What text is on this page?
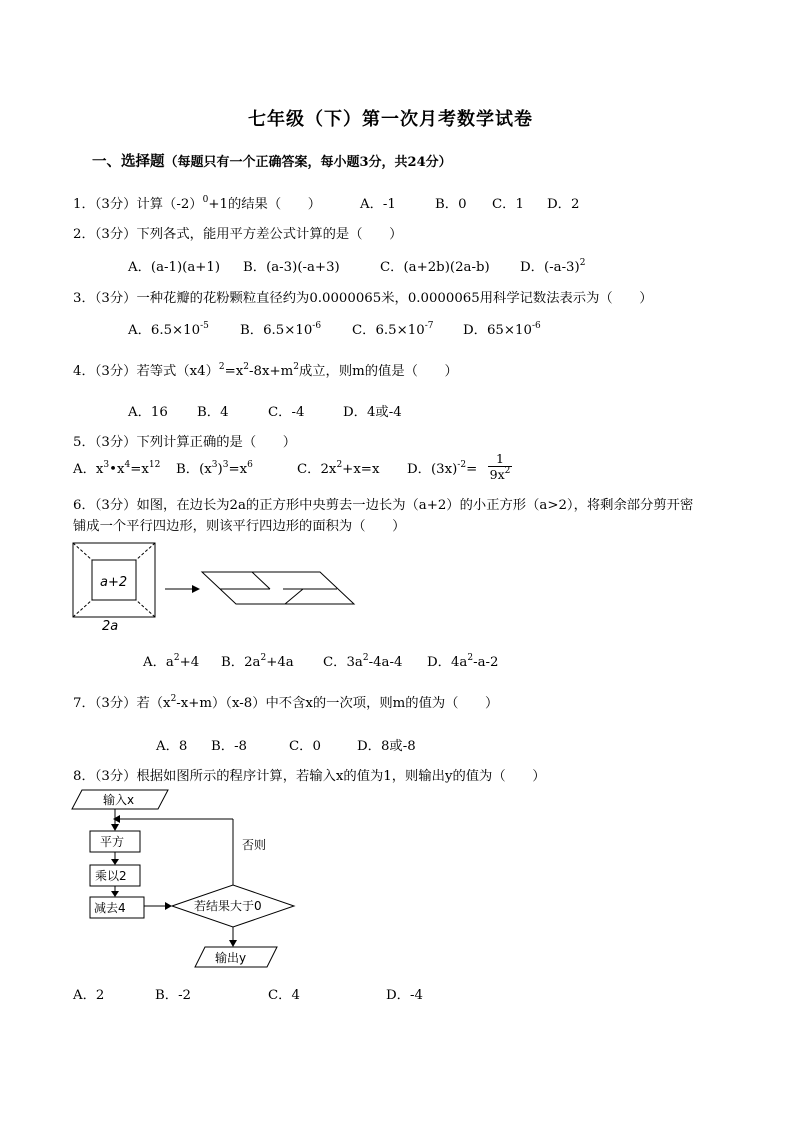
七年级（下）第一次月考数学试卷
一、选择题（每题只有一个正确答案，每小题3分，共24分）
1．（3分）计算$(-2)^0+1$的结果（　　）	A．-1	B．0 C．1 D．2
2．（3分）下列各式，能用平方差公式计算的是（　　）
A．(a-1)(a+1) B．(a-3)(-a+3)	C．(a+2b)(2a-b) D．$(-a-3)^2$
3．（3分）一种花瓣的花粉颗粒直径约为0.0000065米，0.0000065用科学记数法表示为（　　）
A．$6.5\times 10^{-5}$ B．$6.5\times 10^{-6}$ C．$6.5\times 10^{-7}$ D．$65\times 10^{-6}$
4．（3分）若等式$(x4)^2=x^2-8x+m^2$成立，则m的值是（　　）
A．16 B．4	C．-4	D．4或-4
5．（3分）下列计算正确的是（　　）
A．$x^3•x^4=x^{12}$ B．$(x^3)^3=x^6$	C．$2x^2+x=x$ D．$(3x)^{-2}= \frac{1}{9x^2}$
6．（3分）如图，在边长为2a的正方形中央剪去一边长为（a+2）的小正方形（a>2），将剩余部分剪开密
铺成一个平行四边形，则该平行四边形的面积为（　　）
a+2
2a
A．$a^2+4$ B．$2a^2+4a$ C．$3a^2-4a-4$ D．$4a^2-a-2$
7．（3分）若$(x^2-x+m)(x-8)$中不含x的一次项，则m的值为（　　）
A．8 B．-8	C．0	D．8或-8
8．（3分）根据如图所示的程序计算，若输入x的值为1，则输出y的值为（　　）
输入x
否则
平方
乘以2
减去4	若结果大于0
输出y
A．2	B．-2	C．4	D．-4
